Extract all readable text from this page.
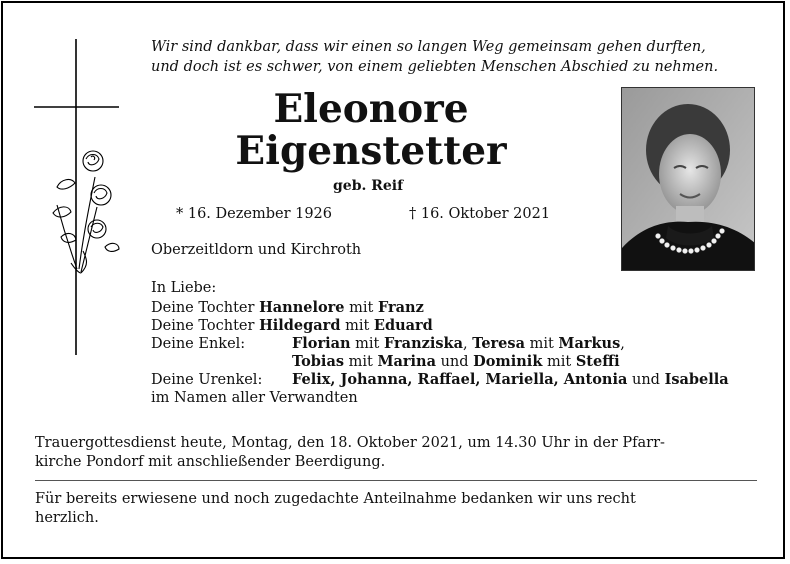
Wir sind dankbar, dass wir einen so langen Weg gemeinsam gehen durften,
und doch ist es schwer, von einem geliebten Menschen Abschied zu nehmen.
Eleonore
Eigenstetter
geb. Reif
* 16. Dezember 1926	† 16. Oktober 2021
Oberzeitldorn und Kirchroth
In Liebe:
Deine Tochter Hannelore mit Franz
Deine Tochter Hildegard mit Eduard
Deine Enkel:	Florian mit Franziska, Teresa mit Markus,
Tobias mit Marina und Dominik mit Steffi
Deine Urenkel: Felix, Johanna, Raffael, Mariella, Antonia und Isabella
im Namen aller Verwandten
Trauergottesdienst heute, Montag, den 18. Oktober 2021, um 14.30 Uhr in der Pfarr-
kirche Pondorf mit anschließender Beerdigung.
Für bereits erwiesene und noch zugedachte Anteilnahme bedanken wir uns recht
herzlich.
